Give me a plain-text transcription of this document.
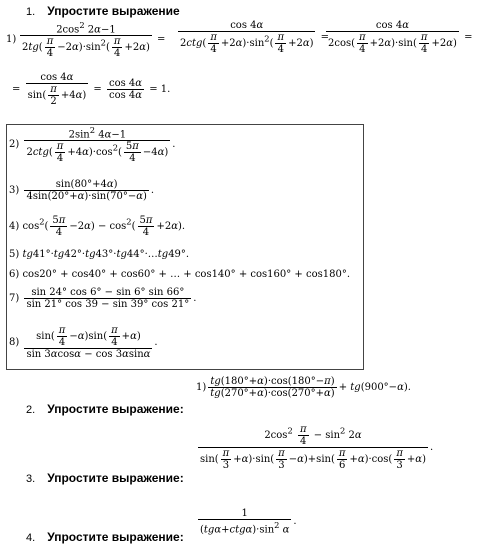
1. Упростите выражение
$1) \frac{2\cos^2 2\alpha-1}{2tg( \frac{\pi}{4} -2\alpha)\cdot\sin^2( \frac{\pi}{4} +2\alpha)} = \frac{\cos 4\alpha}{2ctg( \frac{\pi}{4} +2\alpha)\cdot\sin^2( \frac{\pi}{4} +2\alpha)}$ =
$\frac{\cos 4\alpha}{2\cos( \frac{\pi}{4} +2\alpha)\cdot\sin( \frac{\pi}{4} +2\alpha)}$ =
= $\frac{\cos 4\alpha}{\sin( \frac{\pi}{2} +4\alpha)} = \frac{\cos 4\alpha}{\cos 4\alpha} = 1$.
$2) \frac{2\sin^2 4\alpha-1}{2ctg( \frac{\pi}{4} +4\alpha)\cdot\cos^2( \frac{5\pi}{4} -4\alpha)}$ .
$3) \frac{\sin(80^\circ+4\alpha)}{4\sin(20^\circ+\alpha)\cdot\sin(70^\circ-\alpha)}$ .
4) $\cos^2( \frac{5\pi}{4} -2\alpha) - \cos^2( \frac{5\pi}{4} +2\alpha)$.
5) tg41°·tg42°·tg43°·tg44°·…tg49°.
6) cos20° + cos40° + cos60° + … + cos140° + cos160° + cos180°.
$7) \frac{\sin 24^\circ \cos 6^\circ - \sin 6^\circ \sin 66^\circ}{\sin 21^\circ \cos 39 - \sin 39^\circ \cos 21^\circ}$ .
$8) \frac{\sin( \frac{\pi}{4} -\alpha)\sin( \frac{\pi}{4} +\alpha)}{\sin 3\alpha\cos\alpha - \cos 3\alpha\sin\alpha}$ .
2. Упростите выражение:
$1) \frac{tg(180^\circ+\alpha)\cdot\cos(180^\circ-\pi)}{tg(270^\circ+\alpha)\cdot\cos(270^\circ+\alpha)} + tg(900^\circ-\alpha)$.
3. Упростите выражение:
$\frac{2\cos^2 \frac{\pi}{4} - \sin^2 2\alpha}{\sin( \frac{\pi}{3} +\alpha)\cdot\sin( \frac{\pi}{3} -\alpha)+\sin( \frac{\pi}{6} +\alpha)\cdot\cos( \frac{\pi}{3} +\alpha)}$ .
4. Упростите выражение:
$\frac{1}{(tg\alpha+ctg\alpha)\cdot\sin^2 \alpha}$ .
